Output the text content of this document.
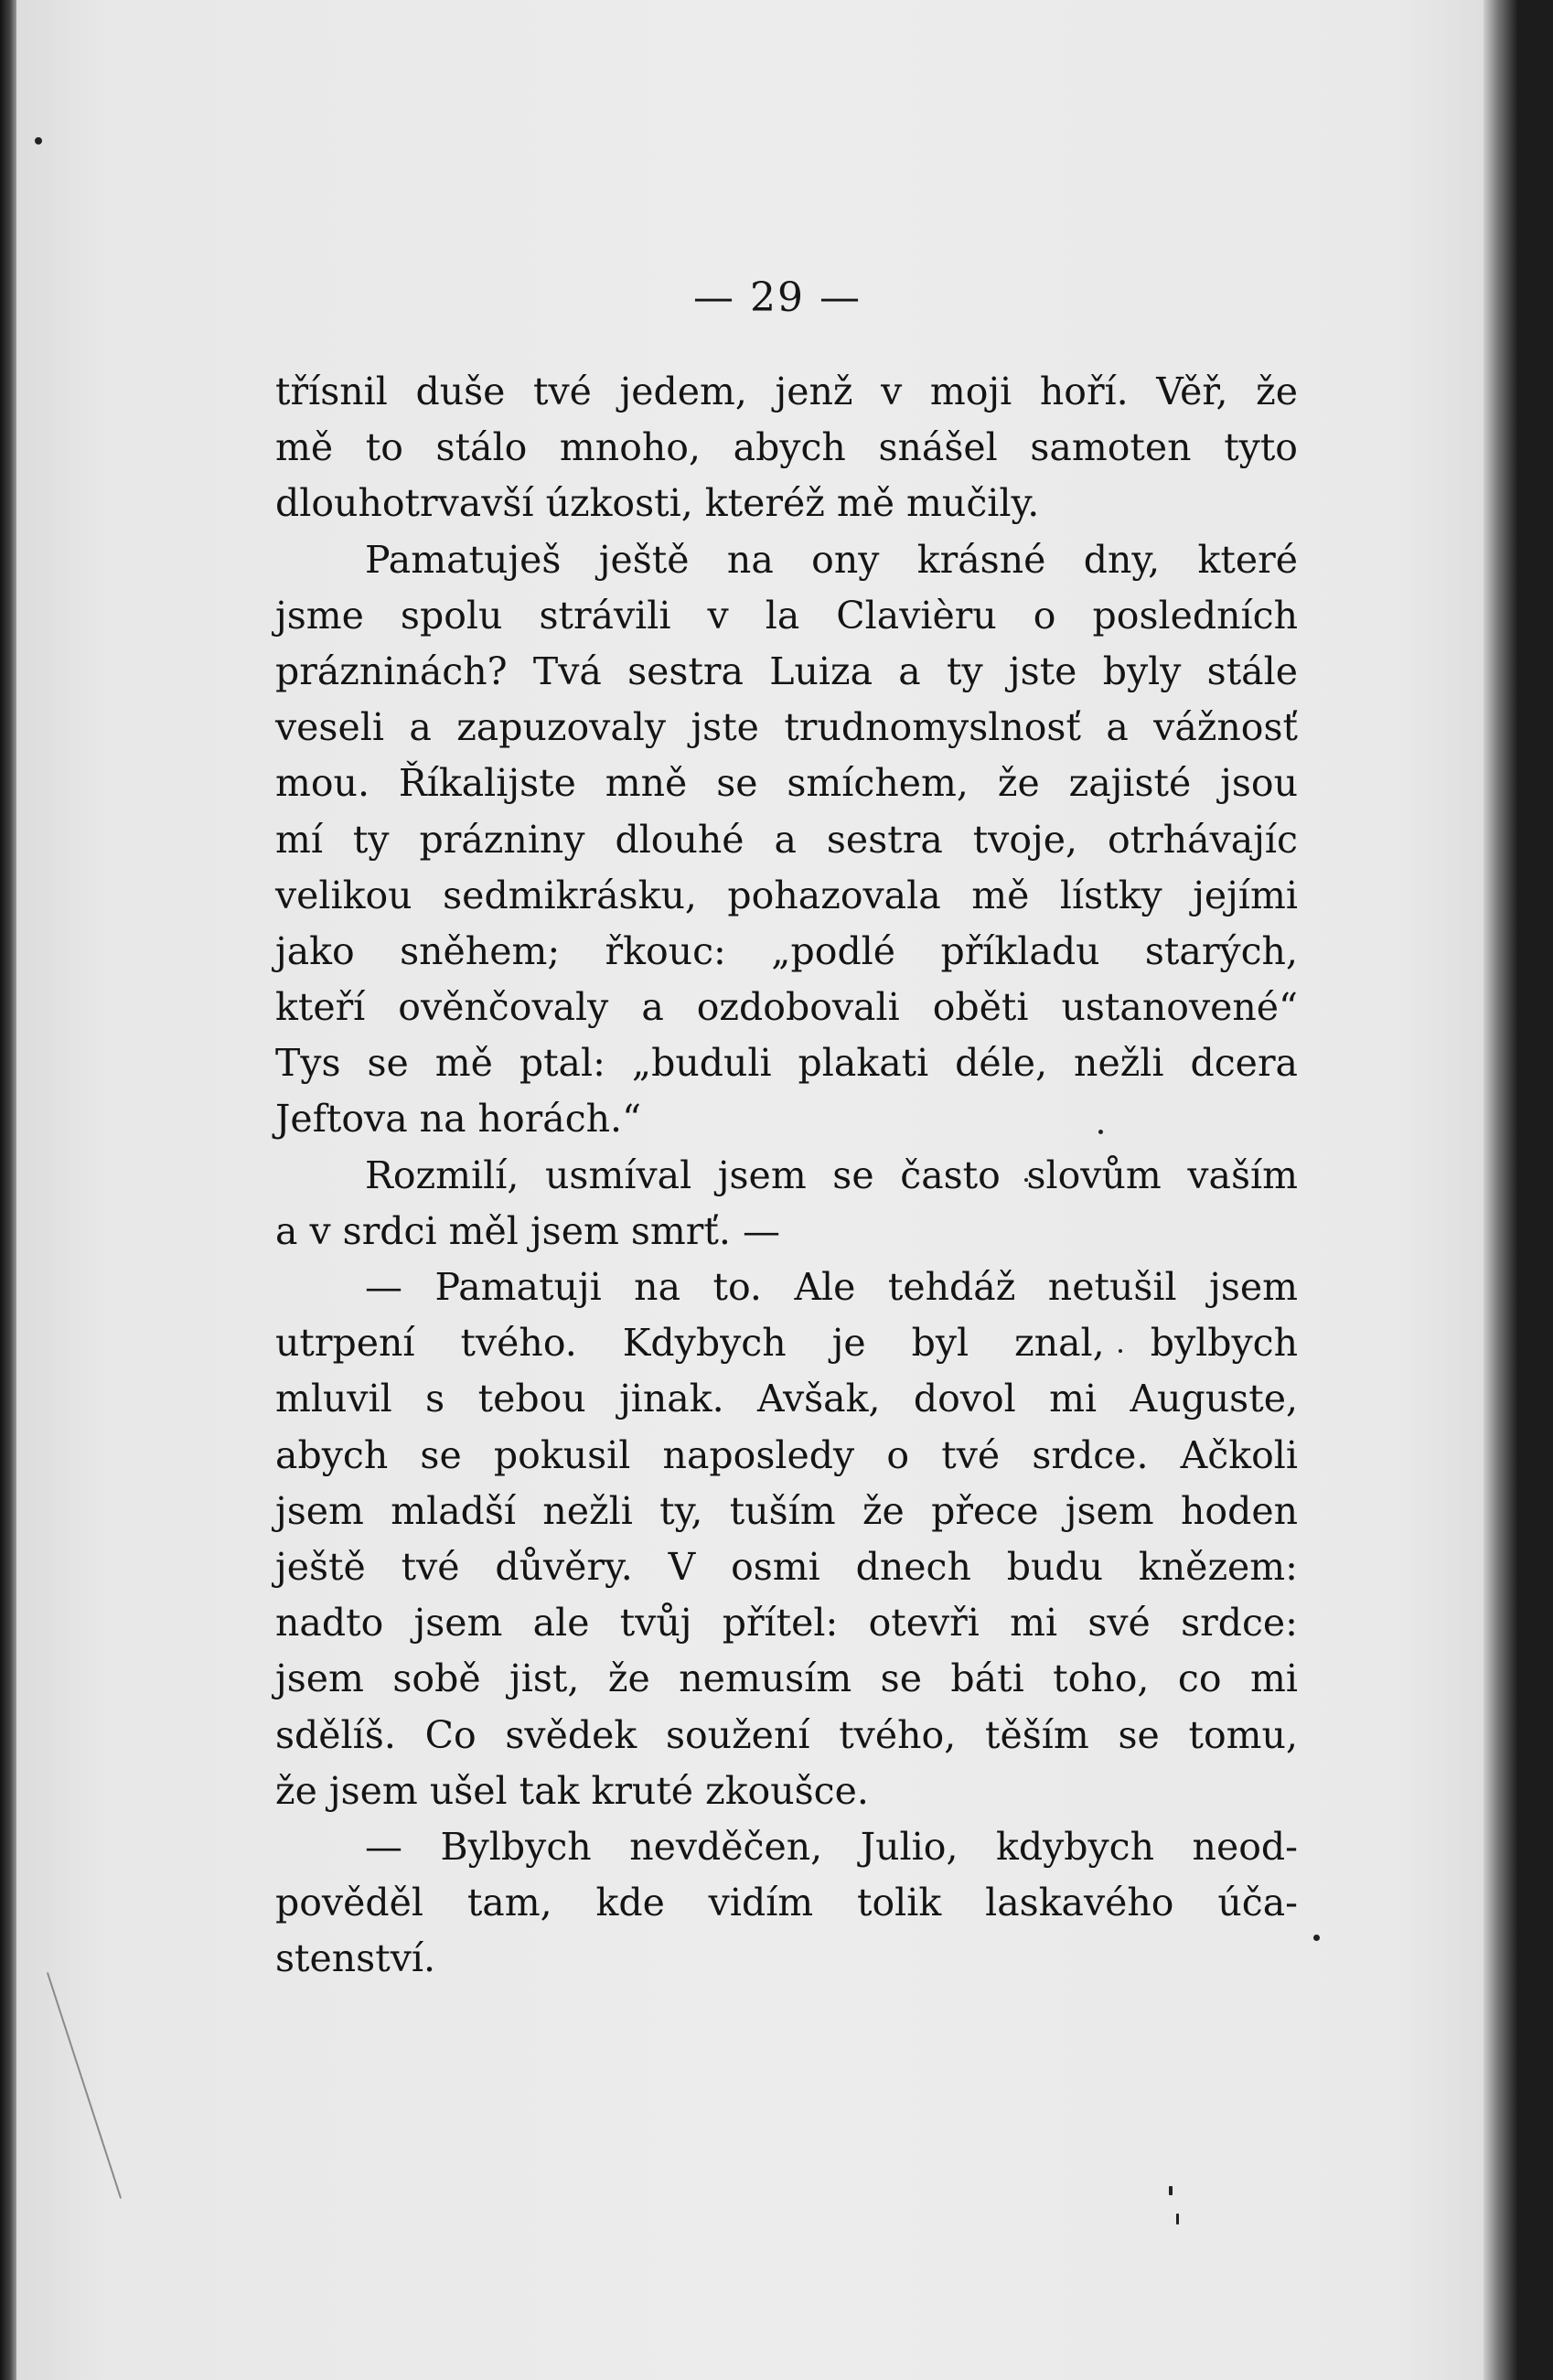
— 29 —
třísnil duše tvé jedem, jenž v moji hoří. Věř, že
mě to stálo mnoho, abych snášel samoten tyto
dlouhotrvavší úzkosti, kteréž mě mučily.
Pamatuješ ještě na ony krásné dny, které
jsme spolu strávili v la Clavièru o posledních
prázninách? Tvá sestra Luiza a ty jste byly stále
veseli a zapuzovaly jste trudnomyslnosť a vážnosť
mou. Říkalijste mně se smíchem, že zajisté jsou
mí ty prázniny dlouhé a sestra tvoje, otrhávajíc
velikou sedmikrásku, pohazovala mě lístky jejími
jako sněhem; řkouc: „podlé příkladu starých,
kteří ověnčovaly a ozdobovali oběti ustanovené“
Tys se mě ptal: „buduli plakati déle, nežli dcera
Jeftova na horách.“
Rozmilí, usmíval jsem se často slovům vaším
a v srdci měl jsem smrť. —
— Pamatuji na to. Ale tehdáž netušil jsem
utrpení tvého. Kdybych je byl znal, bylbych
mluvil s tebou jinak. Avšak, dovol mi Auguste,
abych se pokusil naposledy o tvé srdce. Ačkoli
jsem mladší nežli ty, tuším že přece jsem hoden
ještě tvé důvěry. V osmi dnech budu knězem:
nadto jsem ale tvůj přítel: otevři mi své srdce:
jsem sobě jist, že nemusím se báti toho, co mi
sdělíš. Co svědek soužení tvého, těším se tomu,
že jsem ušel tak kruté zkoušce.
— Bylbych nevděčen, Julio, kdybych neod-
pověděl tam, kde vidím tolik laskavého úča-
stenství.
